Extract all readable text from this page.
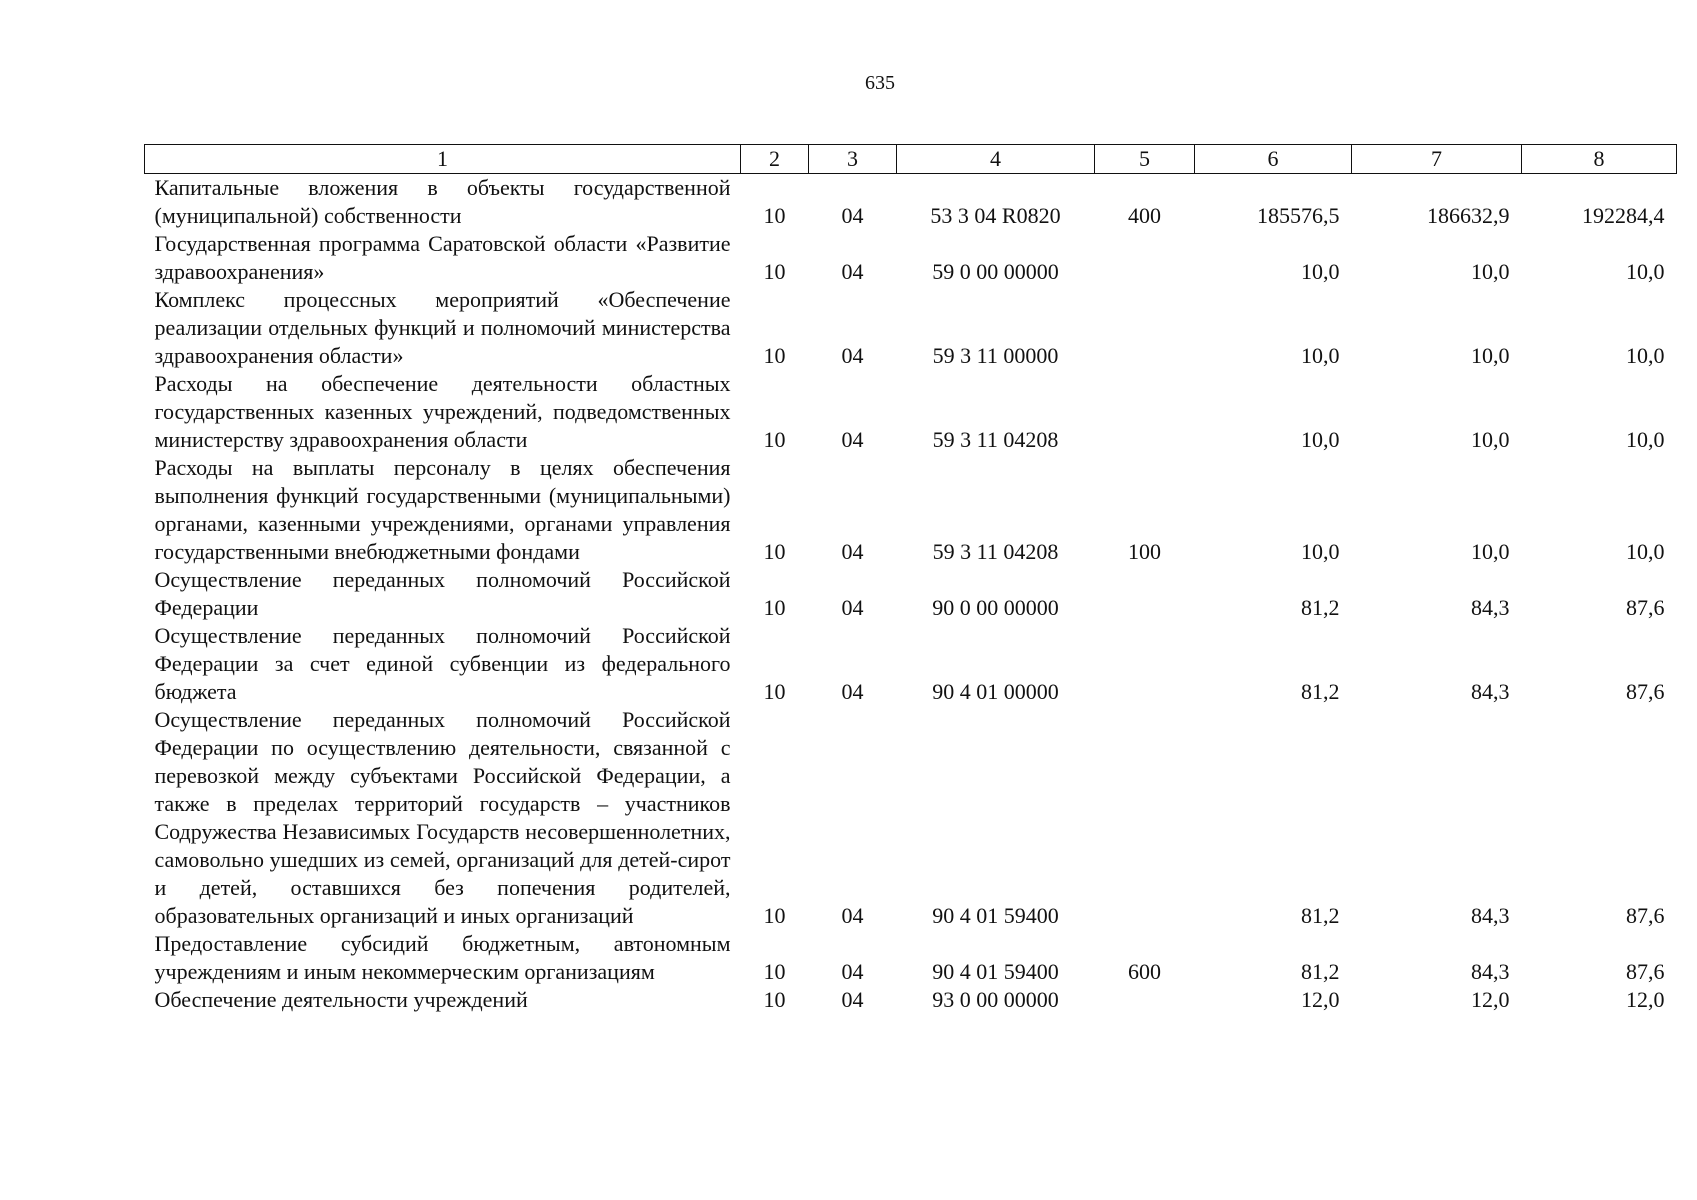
635
1	2	3	4	5	6	7	8
Капитальные вложения в объекты государственной (муниципальной) собственности	10	04	53 3 04 R0820	400	185576,5	186632,9	192284,4
Государственная программа Саратовской области «Развитие здравоохранения»	10	04	59 0 00 00000		10,0	10,0	10,0
Комплекс процессных мероприятий «Обеспечение реализации отдельных функций и полномочий министерства здравоохранения области»	10	04	59 3 11 00000		10,0	10,0	10,0
Расходы на обеспечение деятельности областных государственных казенных учреждений, подведомственных министерству здравоохранения области	10	04	59 3 11 04208		10,0	10,0	10,0
Расходы на выплаты персоналу в целях обеспечения выполнения функций государственными (муниципальными) органами, казенными учреждениями, органами управления государственными внебюджетными фондами	10	04	59 3 11 04208	100	10,0	10,0	10,0
Осуществление переданных полномочий Российской Федерации	10	04	90 0 00 00000		81,2	84,3	87,6
Осуществление переданных полномочий Российской Федерации за счет единой субвенции из федерального бюджета	10	04	90 4 01 00000		81,2	84,3	87,6
Осуществление переданных полномочий Российской Федерации по осуществлению деятельности, связанной с перевозкой между субъектами Российской Федерации, а также в пределах территорий государств – участников Содружества Независимых Государств несовершеннолетних, самовольно ушедших из семей, организаций для детей-сирот и детей, оставшихся без попечения родителей, образовательных организаций и иных организаций	10	04	90 4 01 59400		81,2	84,3	87,6
Предоставление субсидий бюджетным, автономным учреждениям и иным некоммерческим организациям	10	04	90 4 01 59400	600	81,2	84,3	87,6
Обеспечение деятельности учреждений	10	04	93 0 00 00000		12,0	12,0	12,0
